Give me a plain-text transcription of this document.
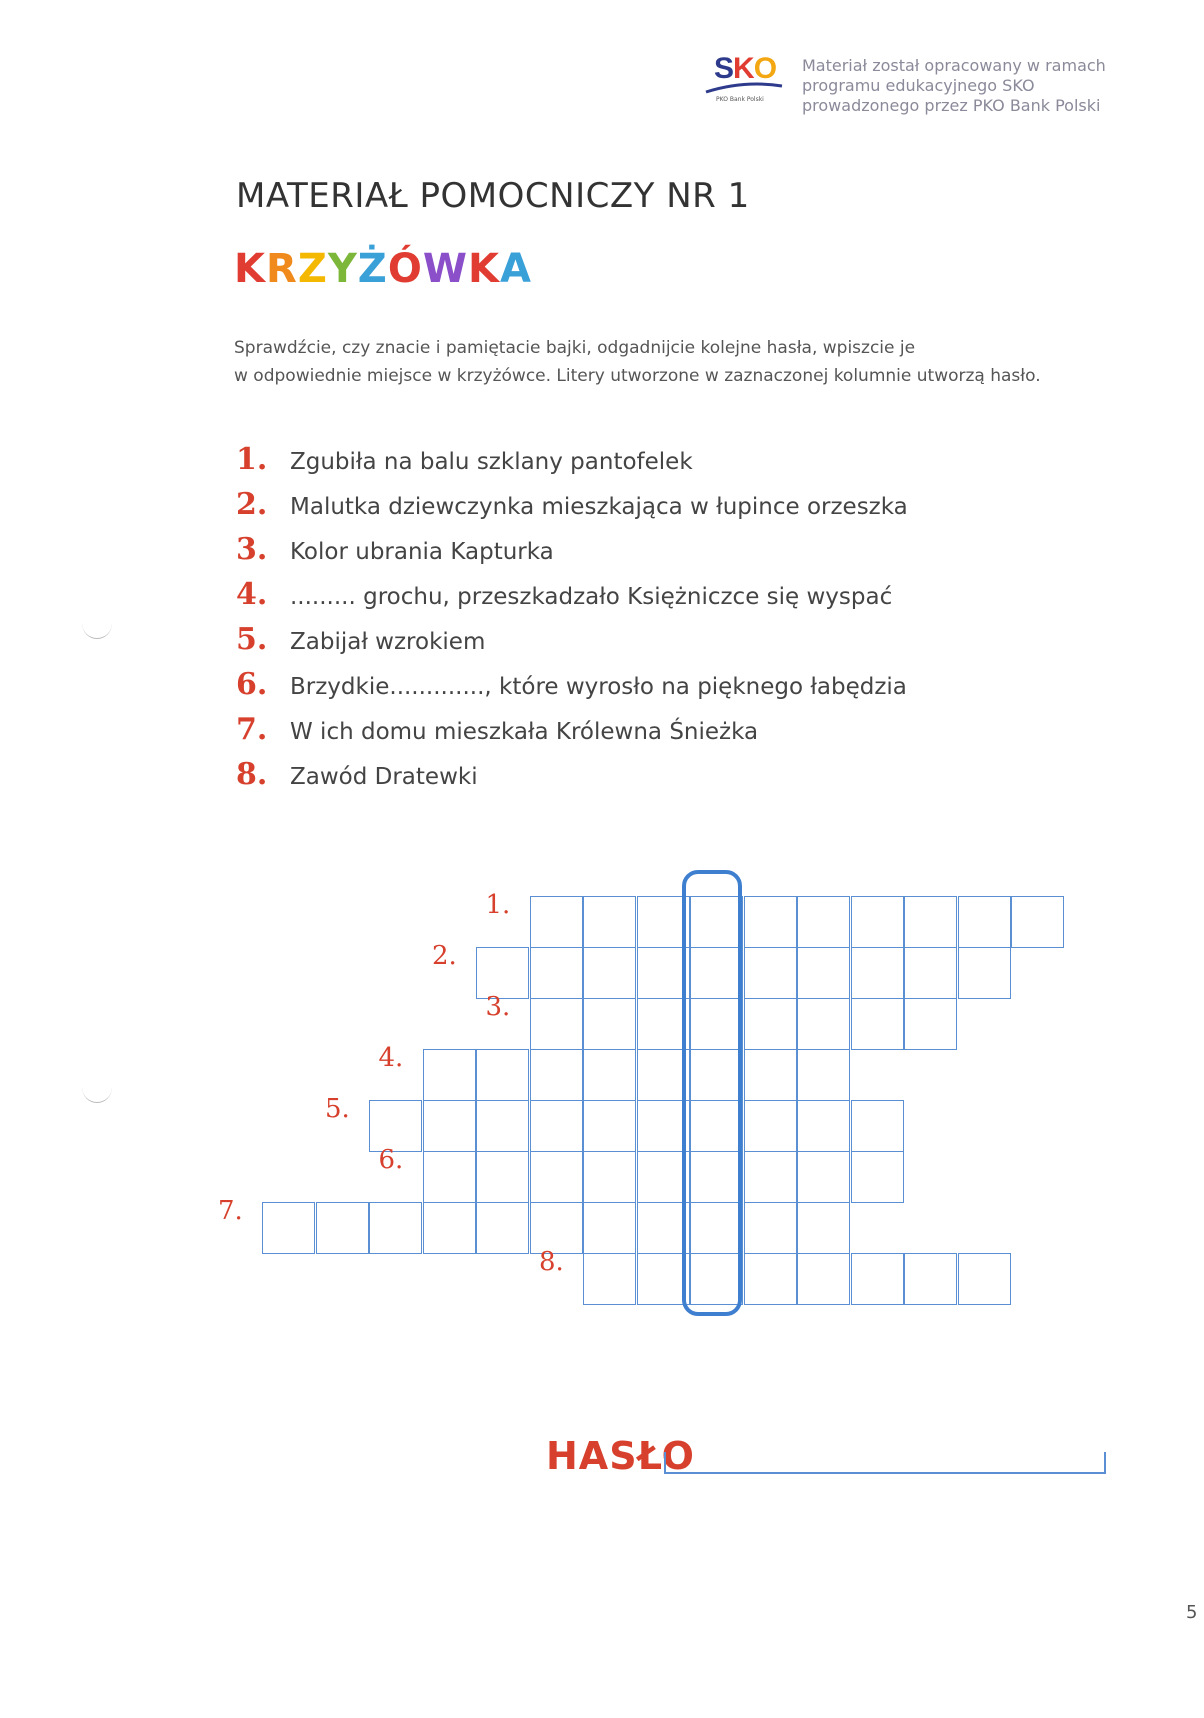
SKO
PKO Bank Polski
Materiał został opracowany w ramach
programu edukacyjnego SKO
prowadzonego przez PKO Bank Polski
MATERIAŁ POMOCNICZY NR 1
KRZYŻÓWKA
Sprawdźcie, czy znacie i pamiętacie bajki, odgadnijcie kolejne hasła, wpiszcie je
w odpowiednie miejsce w krzyżówce. Litery utworzone w zaznaczonej kolumnie utworzą hasło.
1. Zgubiła na balu szklany pantofelek
2. Malutka dziewczynka mieszkająca w łupince orzeszka
3. Kolor ubrania Kapturka
4. ......... grochu, przeszkadzało Księżniczce się wyspać
5. Zabijał wzrokiem
6. Brzydkie............., które wyrosło na pięknego łabędzia
7. W ich domu mieszkała Królewna Śnieżka
8. Zawód Dratewki
1.
2.
3.
4.
5.
6.
7.
8.
HASŁO
5
